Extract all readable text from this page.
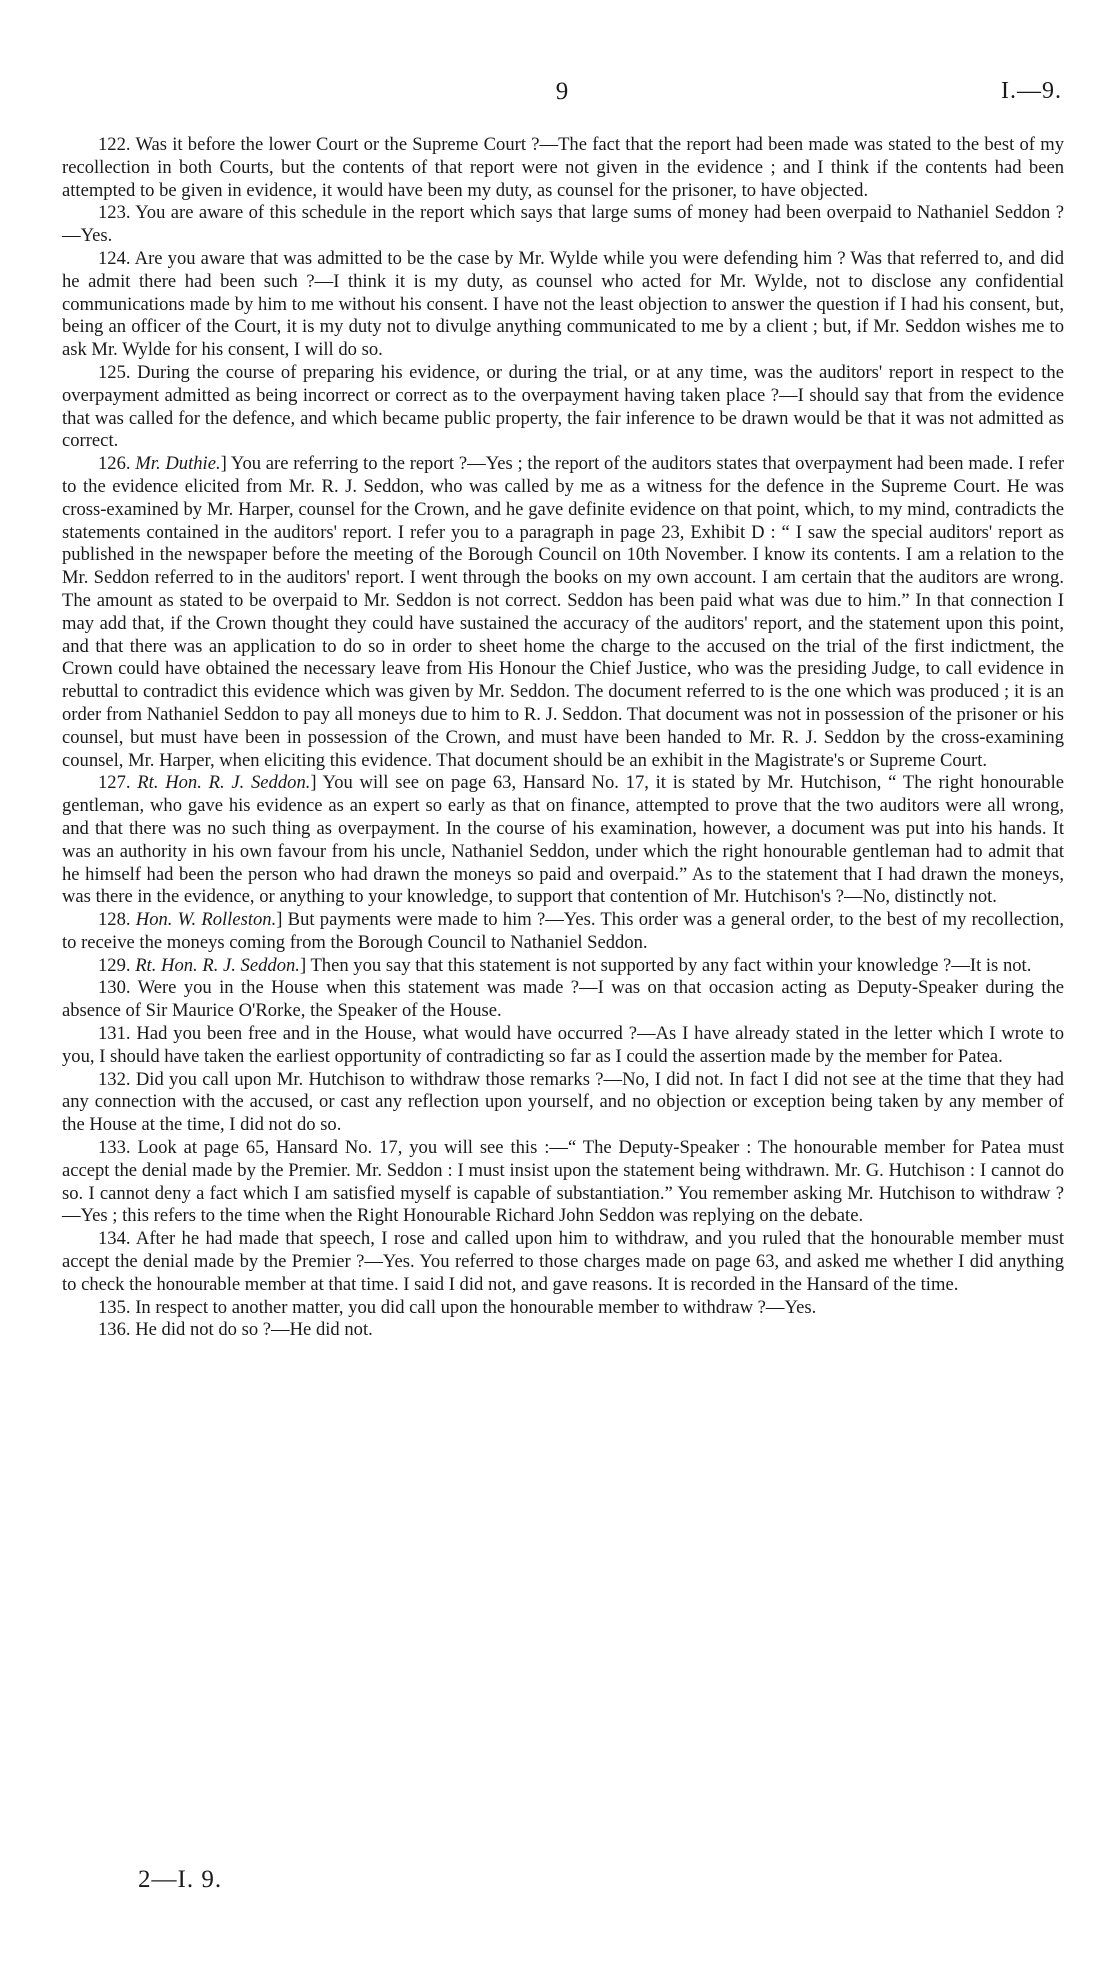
9	I.—9.

122. Was it before the lower Court or the Supreme Court ?—The fact that the report had been made was stated to the best of my recollection in both Courts, but the contents of that report were not given in the evidence ; and I think if the contents had been attempted to be given in evidence, it would have been my duty, as counsel for the prisoner, to have objected.

123. You are aware of this schedule in the report which says that large sums of money had been overpaid to Nathaniel Seddon ?—Yes.

124. Are you aware that was admitted to be the case by Mr. Wylde while you were defending him ? Was that referred to, and did he admit there had been such ?—I think it is my duty, as counsel who acted for Mr. Wylde, not to disclose any confidential communications made by him to me without his consent. I have not the least objection to answer the question if I had his consent, but, being an officer of the Court, it is my duty not to divulge anything communicated to me by a client ; but, if Mr. Seddon wishes me to ask Mr. Wylde for his consent, I will do so.

125. During the course of preparing his evidence, or during the trial, or at any time, was the auditors' report in respect to the overpayment admitted as being incorrect or correct as to the overpayment having taken place ?—I should say that from the evidence that was called for the defence, and which became public property, the fair inference to be drawn would be that it was not admitted as correct.

126. Mr. Duthie.] You are referring to the report ?—Yes ; the report of the auditors states that overpayment had been made. I refer to the evidence elicited from Mr. R. J. Seddon, who was called by me as a witness for the defence in the Supreme Court. He was cross-examined by Mr. Harper, counsel for the Crown, and he gave definite evidence on that point, which, to my mind, contradicts the statements contained in the auditors' report. I refer you to a paragraph in page 23, Exhibit D : “ I saw the special auditors' report as published in the newspaper before the meeting of the Borough Council on 10th November. I know its contents. I am a relation to the Mr. Seddon referred to in the auditors' report. I went through the books on my own account. I am certain that the auditors are wrong. The amount as stated to be overpaid to Mr. Seddon is not correct. Seddon has been paid what was due to him.” In that connection I may add that, if the Crown thought they could have sustained the accuracy of the auditors' report, and the statement upon this point, and that there was an application to do so in order to sheet home the charge to the accused on the trial of the first indictment, the Crown could have obtained the necessary leave from His Honour the Chief Justice, who was the presiding Judge, to call evidence in rebuttal to contradict this evidence which was given by Mr. Seddon. The document referred to is the one which was produced ; it is an order from Nathaniel Seddon to pay all moneys due to him to R. J. Seddon. That document was not in possession of the prisoner or his counsel, but must have been in possession of the Crown, and must have been handed to Mr. R. J. Seddon by the cross-examining counsel, Mr. Harper, when eliciting this evidence. That document should be an exhibit in the Magistrate's or Supreme Court.

127. Rt. Hon. R. J. Seddon.] You will see on page 63, Hansard No. 17, it is stated by Mr. Hutchison, “ The right honourable gentleman, who gave his evidence as an expert so early as that on finance, attempted to prove that the two auditors were all wrong, and that there was no such thing as overpayment. In the course of his examination, however, a document was put into his hands. It was an authority in his own favour from his uncle, Nathaniel Seddon, under which the right honourable gentleman had to admit that he himself had been the person who had drawn the moneys so paid and overpaid.” As to the statement that I had drawn the moneys, was there in the evidence, or anything to your knowledge, to support that contention of Mr. Hutchison's ?—No, distinctly not.

128. Hon. W. Rolleston.] But payments were made to him ?—Yes. This order was a general order, to the best of my recollection, to receive the moneys coming from the Borough Council to Nathaniel Seddon.

129. Rt. Hon. R. J. Seddon.] Then you say that this statement is not supported by any fact within your knowledge ?—It is not.

130. Were you in the House when this statement was made ?—I was on that occasion acting as Deputy-Speaker during the absence of Sir Maurice O'Rorke, the Speaker of the House.

131. Had you been free and in the House, what would have occurred ?—As I have already stated in the letter which I wrote to you, I should have taken the earliest opportunity of contradicting so far as I could the assertion made by the member for Patea.

132. Did you call upon Mr. Hutchison to withdraw those remarks ?—No, I did not. In fact I did not see at the time that they had any connection with the accused, or cast any reflection upon yourself, and no objection or exception being taken by any member of the House at the time, I did not do so.

133. Look at page 65, Hansard No. 17, you will see this :—“ The Deputy-Speaker : The honourable member for Patea must accept the denial made by the Premier. Mr. Seddon : I must insist upon the statement being withdrawn. Mr. G. Hutchison : I cannot do so. I cannot deny a fact which I am satisfied myself is capable of substantiation.” You remember asking Mr. Hutchison to withdraw ?—Yes ; this refers to the time when the Right Honourable Richard John Seddon was replying on the debate.

134. After he had made that speech, I rose and called upon him to withdraw, and you ruled that the honourable member must accept the denial made by the Premier ?—Yes. You referred to those charges made on page 63, and asked me whether I did anything to check the honourable member at that time. I said I did not, and gave reasons. It is recorded in the Hansard of the time.

135. In respect to another matter, you did call upon the honourable member to withdraw ?—Yes.

136. He did not do so ?—He did not.

2—I. 9.
